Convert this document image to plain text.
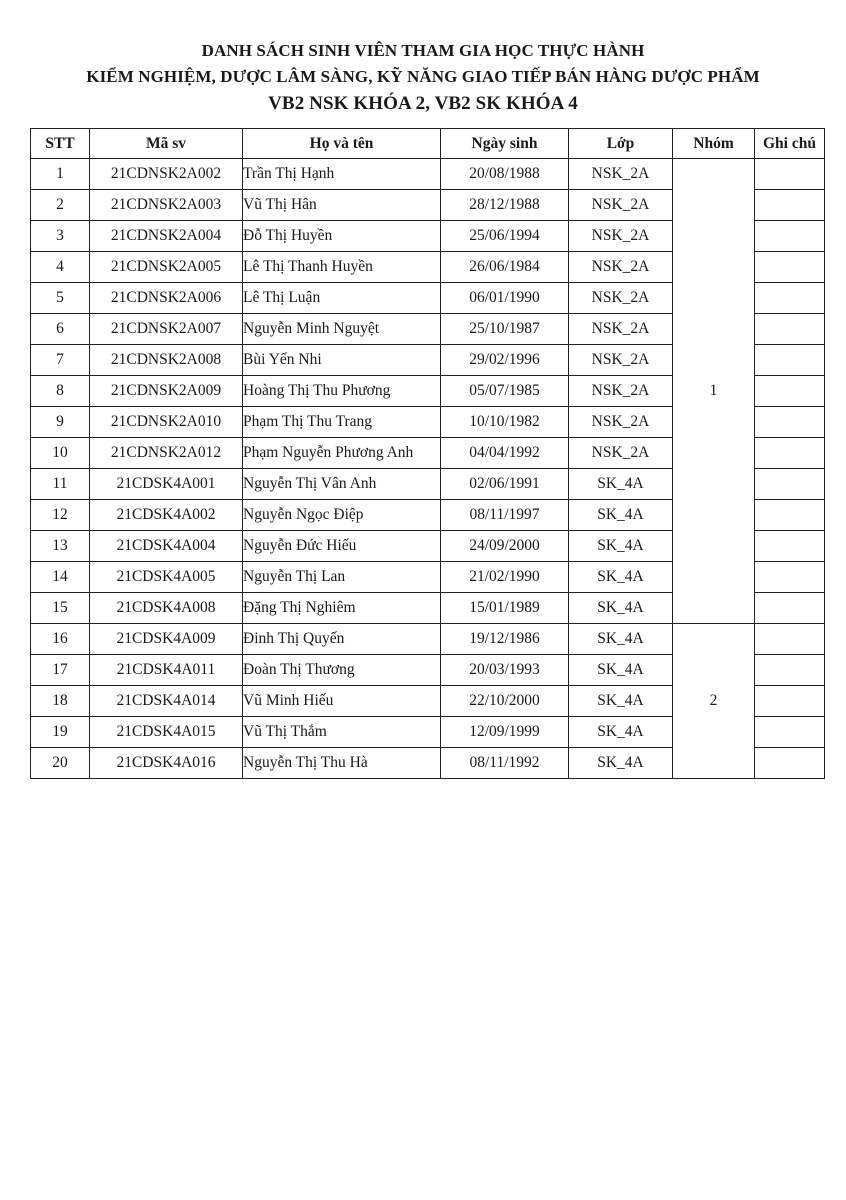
DANH SÁCH SINH VIÊN THAM GIA HỌC THỰC HÀNH
KIỂM NGHIỆM, DƯỢC LÂM SÀNG, KỸ NĂNG GIAO TIẾP BÁN HÀNG DƯỢC PHẨM
VB2 NSK KHÓA 2, VB2 SK KHÓA 4
STT	Mã sv	Họ và tên	Ngày sinh	Lớp	Nhóm	Ghi chú
1	21CDNSK2A002	Trần Thị Hạnh	20/08/1988	NSK_2A	1	
2	21CDNSK2A003	Vũ Thị Hân	28/12/1988	NSK_2A		
3	21CDNSK2A004	Đỗ Thị Huyền	25/06/1994	NSK_2A		
4	21CDNSK2A005	Lê Thị Thanh Huyền	26/06/1984	NSK_2A		
5	21CDNSK2A006	Lê Thị Luận	06/01/1990	NSK_2A		
6	21CDNSK2A007	Nguyễn Minh Nguyệt	25/10/1987	NSK_2A		
7	21CDNSK2A008	Bùi Yến Nhi	29/02/1996	NSK_2A		
8	21CDNSK2A009	Hoàng Thị Thu Phương	05/07/1985	NSK_2A		
9	21CDNSK2A010	Phạm Thị Thu Trang	10/10/1982	NSK_2A		
10	21CDNSK2A012	Phạm Nguyễn Phương Anh	04/04/1992	NSK_2A		
11	21CDSK4A001	Nguyễn Thị Vân Anh	02/06/1991	SK_4A		
12	21CDSK4A002	Nguyễn Ngọc Điệp	08/11/1997	SK_4A		
13	21CDSK4A004	Nguyễn Đức Hiếu	24/09/2000	SK_4A		
14	21CDSK4A005	Nguyễn Thị Lan	21/02/1990	SK_4A		
15	21CDSK4A008	Đặng Thị Nghiêm	15/01/1989	SK_4A		
16	21CDSK4A009	Đinh Thị Quyến	19/12/1986	SK_4A	2	
17	21CDSK4A011	Đoàn Thị Thương	20/03/1993	SK_4A		
18	21CDSK4A014	Vũ Minh Hiếu	22/10/2000	SK_4A		
19	21CDSK4A015	Vũ Thị Thắm	12/09/1999	SK_4A		
20	21CDSK4A016	Nguyễn Thị Thu Hà	08/11/1992	SK_4A		
